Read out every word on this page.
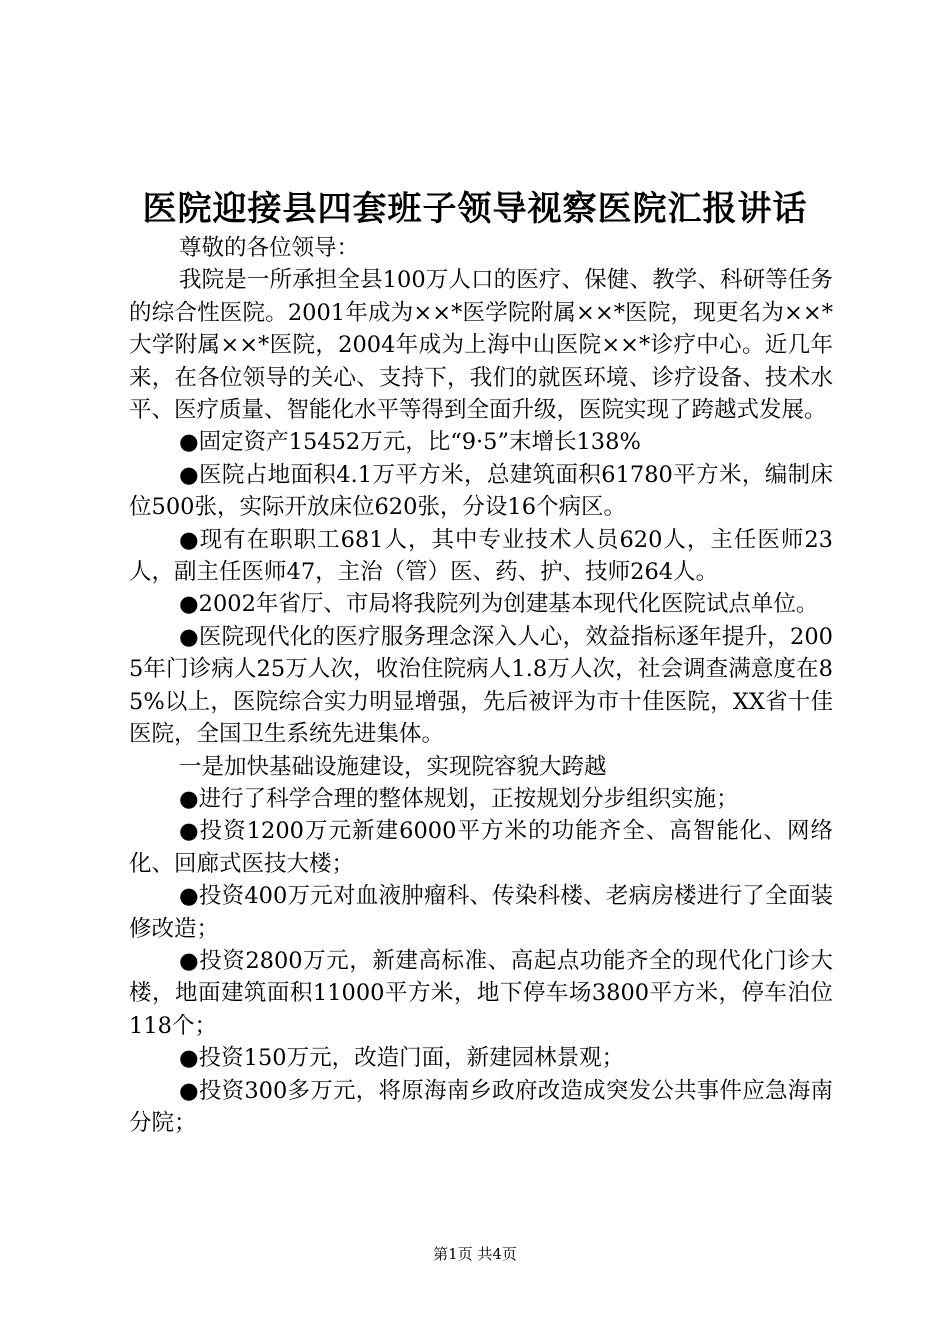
医院迎接县四套班子领导视察医院汇报讲话

尊敬的各位领导：

我院是一所承担全县100万人口的医疗、保健、教学、科研等任务的综合性医院。2001年成为××*医学院附属××*医院，现更名为××*大学附属××*医院，2004年成为上海中山医院××*诊疗中心。近几年来，在各位领导的关心、支持下，我们的就医环境、诊疗设备、技术水平、医疗质量、智能化水平等得到全面升级，医院实现了跨越式发展。

●固定资产15452万元，比“9·5”末增长138%

●医院占地面积4.1万平方米，总建筑面积61780平方米，编制床位500张，实际开放床位620张，分设16个病区。

●现有在职职工681人，其中专业技术人员620人，主任医师23人，副主任医师47，主治（管）医、药、护、技师264人。

●2002年省厅、市局将我院列为创建基本现代化医院试点单位。

●医院现代化的医疗服务理念深入人心，效益指标逐年提升，2005年门诊病人25万人次，收治住院病人1.8万人次，社会调查满意度在85%以上，医院综合实力明显增强，先后被评为市十佳医院，XX省十佳医院，全国卫生系统先进集体。

一是加快基础设施建设，实现院容貌大跨越

●进行了科学合理的整体规划，正按规划分步组织实施；

●投资1200万元新建6000平方米的功能齐全、高智能化、网络化、回廊式医技大楼；

●投资400万元对血液肿瘤科、传染科楼、老病房楼进行了全面装修改造；

●投资2800万元，新建高标准、高起点功能齐全的现代化门诊大楼，地面建筑面积11000平方米，地下停车场3800平方米，停车泊位118个；

●投资150万元，改造门面，新建园林景观；

●投资300多万元，将原海南乡政府改造成突发公共事件应急海南分院；

第1页 共4页
